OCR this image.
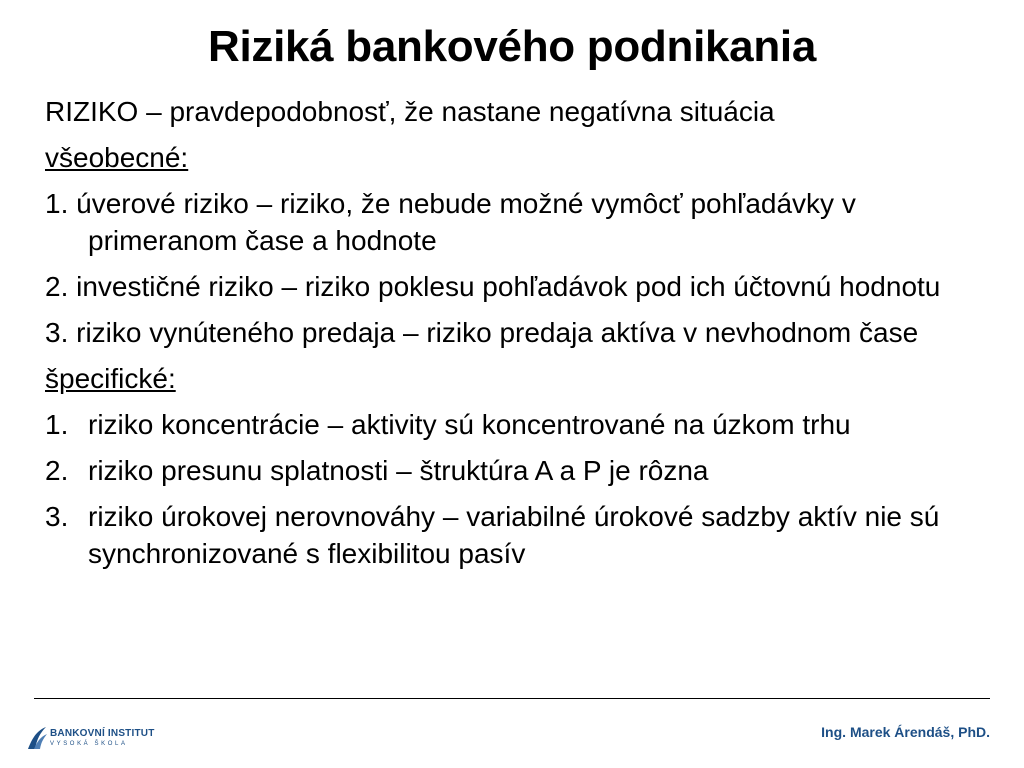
Riziká bankového podnikania

RIZIKO – pravdepodobnosť, že nastane negatívna situácia

všeobecné:

1. úverové riziko – riziko, že nebude možné vymôcť pohľadávky v primeranom čase a hodnote

2. investičné riziko – riziko poklesu pohľadávok pod ich účtovnú hodnotu

3. riziko vynúteného predaja – riziko predaja aktíva v nevhodnom čase

špecifické:

1. riziko koncentrácie – aktivity sú koncentrované na úzkom trhu
2. riziko presunu splatnosti – štruktúra A a P je rôzna
3. riziko úrokovej nerovnováhy – variabilné úrokové sadzby aktív nie sú synchronizované s flexibilitou pasív
BANKOVNÍ INSTITUT
VYSOKÁ ŠKOLA
Ing. Marek Árendáš, PhD.
